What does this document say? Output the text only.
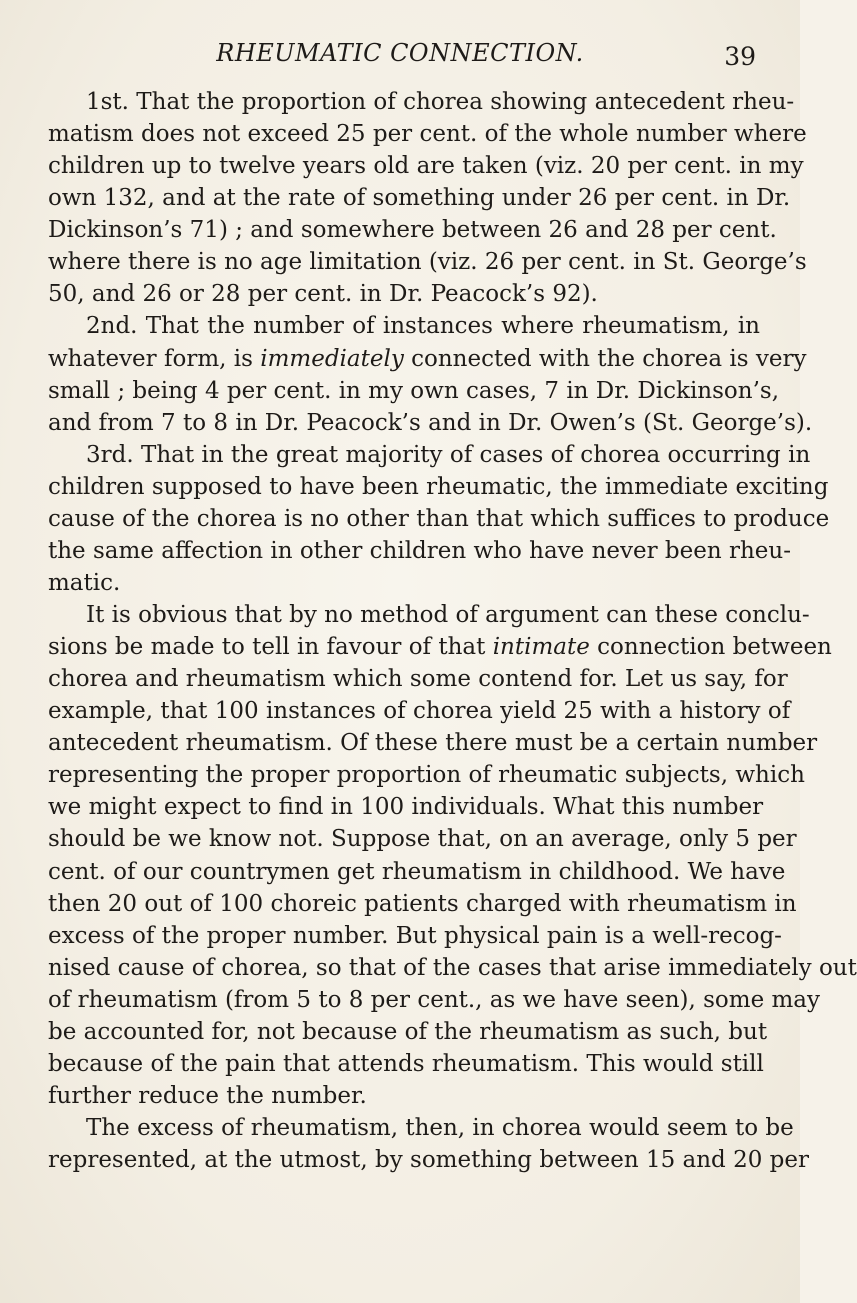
RHEUMATIC CONNECTION.	39
1st. That the proportion of chorea showing antecedent rheu-
matism does not exceed 25 per cent. of the whole number where
children up to twelve years old are taken (viz. 20 per cent. in my
own 132, and at the rate of something under 26 per cent. in Dr.
Dickinson’s 71) ; and somewhere between 26 and 28 per cent.
where there is no age limitation (viz. 26 per cent. in St. George’s
50, and 26 or 28 per cent. in Dr. Peacock’s 92).
2nd. That the number of instances where rheumatism, in
whatever form, is immediately connected with the chorea is very
small ; being 4 per cent. in my own cases, 7 in Dr. Dickinson’s,
and from 7 to 8 in Dr. Peacock’s and in Dr. Owen’s (St. George’s).
3rd. That in the great majority of cases of chorea occurring in
children supposed to have been rheumatic, the immediate exciting
cause of the chorea is no other than that which suffices to produce
the same affection in other children who have never been rheu-
matic.
It is obvious that by no method of argument can these conclu-
sions be made to tell in favour of that intimate connection between
chorea and rheumatism which some contend for. Let us say, for
example, that 100 instances of chorea yield 25 with a history of
antecedent rheumatism. Of these there must be a certain number
representing the proper proportion of rheumatic subjects, which
we might expect to find in 100 individuals. What this number
should be we know not. Suppose that, on an average, only 5 per
cent. of our countrymen get rheumatism in childhood. We have
then 20 out of 100 choreic patients charged with rheumatism in
excess of the proper number. But physical pain is a well-recog-
nised cause of chorea, so that of the cases that arise immediately out
of rheumatism (from 5 to 8 per cent., as we have seen), some may
be accounted for, not because of the rheumatism as such, but
because of the pain that attends rheumatism. This would still
further reduce the number.
The excess of rheumatism, then, in chorea would seem to be
represented, at the utmost, by something between 15 and 20 per
